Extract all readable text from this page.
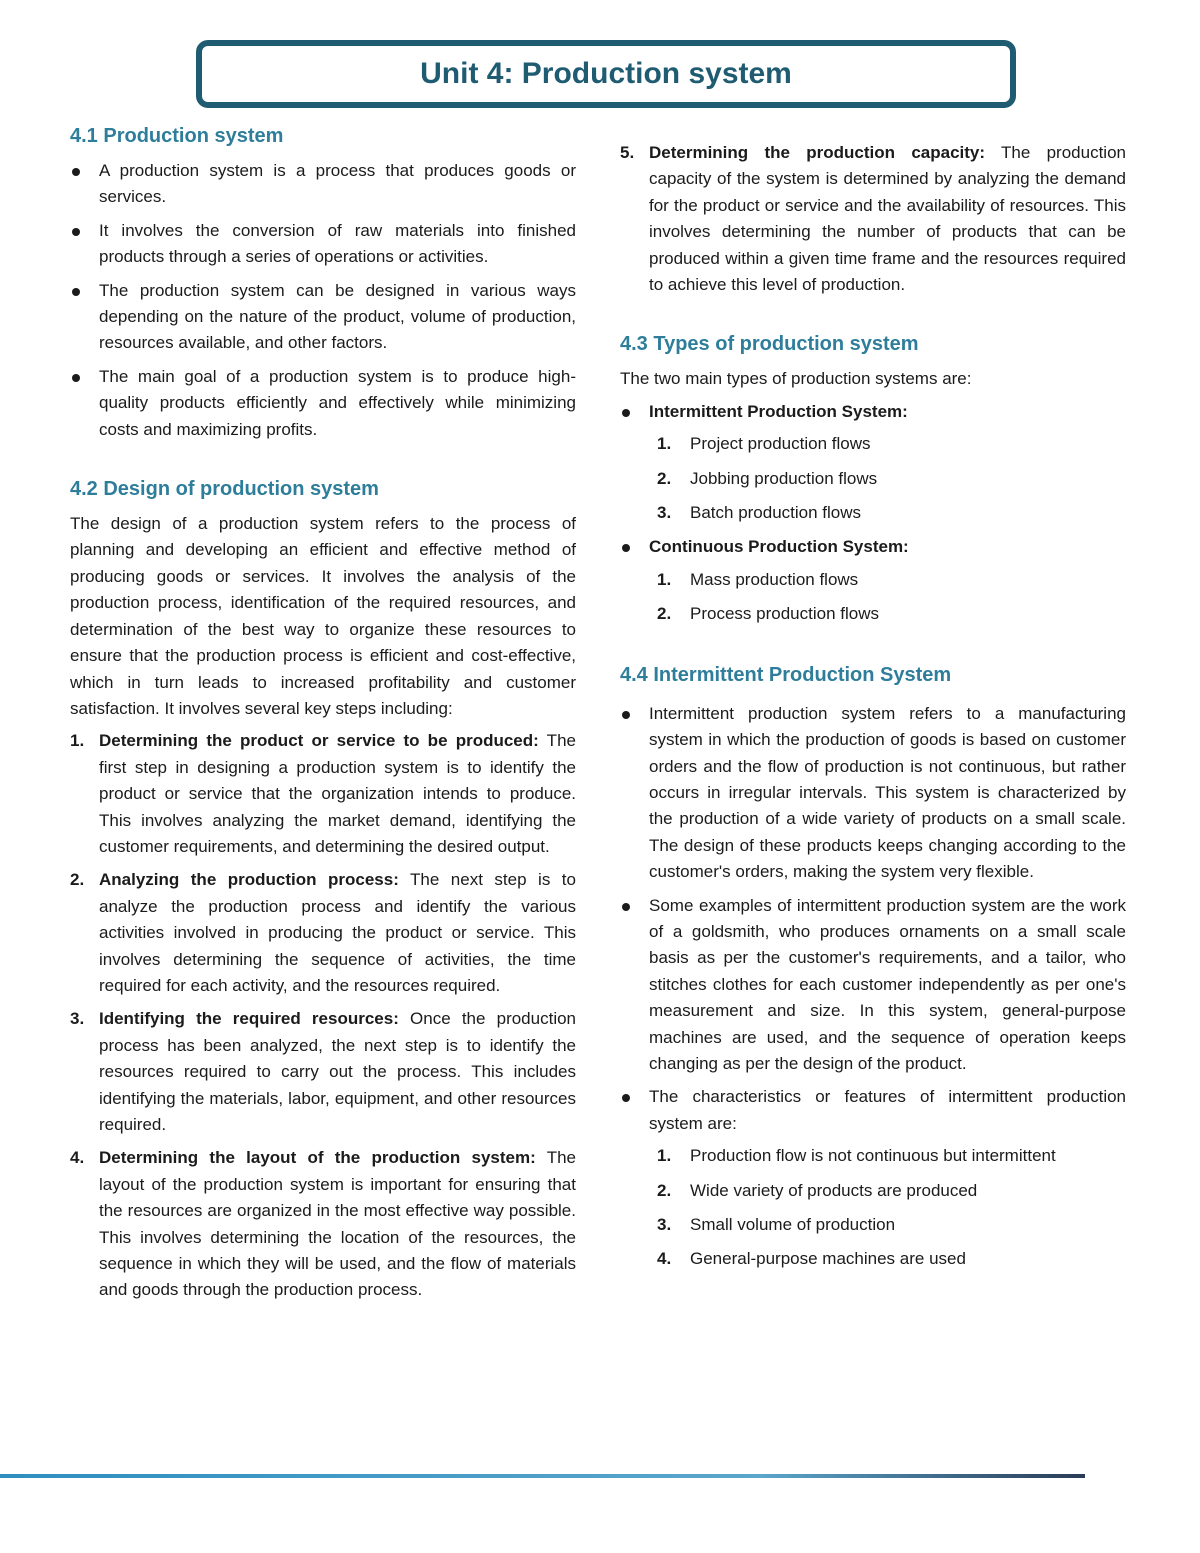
Unit 4: Production system
4.1 Production system
A production system is a process that produces goods or services.
It involves the conversion of raw materials into finished products through a series of operations or activities.
The production system can be designed in various ways depending on the nature of the product, volume of production, resources available, and other factors.
The main goal of a production system is to produce high-quality products efficiently and effectively while minimizing costs and maximizing profits.
4.2 Design of production system

The design of a production system refers to the process of planning and developing an efficient and effective method of producing goods or services. It involves the analysis of the production process, identification of the required resources, and determination of the best way to organize these resources to ensure that the production process is efficient and cost-effective, which in turn leads to increased profitability and customer satisfaction. It involves several key steps including:

1. Determining the product or service to be produced: The first step in designing a production system is to identify the product or service that the organization intends to produce. This involves analyzing the market demand, identifying the customer requirements, and determining the desired output.
2. Analyzing the production process: The next step is to analyze the production process and identify the various activities involved in producing the product or service. This involves determining the sequence of activities, the time required for each activity, and the resources required.
3. Identifying the required resources: Once the production process has been analyzed, the next step is to identify the resources required to carry out the process. This includes identifying the materials, labor, equipment, and other resources required.
4. Determining the layout of the production system: The layout of the production system is important for ensuring that the resources are organized in the most effective way possible. This involves determining the location of the resources, the sequence in which they will be used, and the flow of materials and goods through the production process.
5. Determining the production capacity: The production capacity of the system is determined by analyzing the demand for the product or service and the availability of resources. This involves determining the number of products that can be produced within a given time frame and the resources required to achieve this level of production.
4.3 Types of production system

The two main types of production systems are:

Intermittent Production System:
1. Project production flows
2. Jobbing production flows
3. Batch production flows
Continuous Production System:
1. Mass production flows
2. Process production flows
4.4 Intermittent Production System
Intermittent production system refers to a manufacturing system in which the production of goods is based on customer orders and the flow of production is not continuous, but rather occurs in irregular intervals. This system is characterized by the production of a wide variety of products on a small scale. The design of these products keeps changing according to the customer's orders, making the system very flexible.
Some examples of intermittent production system are the work of a goldsmith, who produces ornaments on a small scale basis as per the customer's requirements, and a tailor, who stitches clothes for each customer independently as per one's measurement and size. In this system, general-purpose machines are used, and the sequence of operation keeps changing as per the design of the product.
The characteristics or features of intermittent production system are:
1. Production flow is not continuous but intermittent
2. Wide variety of products are produced
3. Small volume of production
4. General-purpose machines are used
